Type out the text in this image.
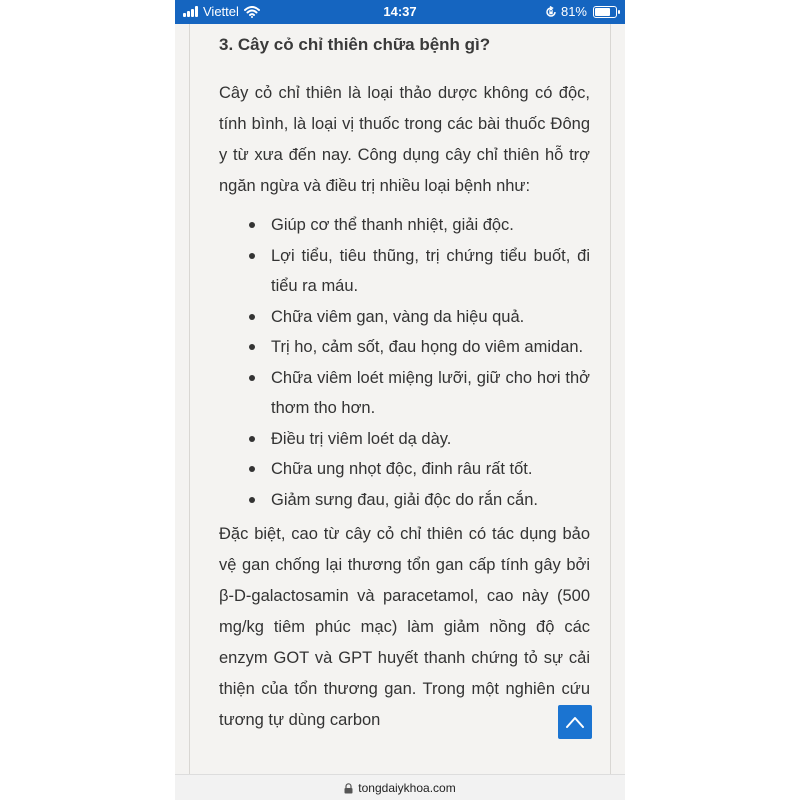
Viettel	14:37	81%
3. Cây cỏ chỉ thiên chữa bệnh gì?

Cây cỏ chỉ thiên là loại thảo dược không có độc, tính bình, là loại vị thuốc trong các bài thuốc Đông y từ xưa đến nay. Công dụng cây chỉ thiên hỗ trợ ngăn ngừa và điều trị nhiều loại bệnh như:

Giúp cơ thể thanh nhiệt, giải độc.
Lợi tiểu, tiêu thũng, trị chứng tiểu buốt, đi tiểu ra máu.
Chữa viêm gan, vàng da hiệu quả.
Trị ho, cảm sốt, đau họng do viêm amidan.
Chữa viêm loét miệng lưỡi, giữ cho hơi thở thơm tho hơn.
Điều trị viêm loét dạ dày.
Chữa ung nhọt độc, đinh râu rất tốt.
Giảm sưng đau, giải độc do rắn cắn.

Đặc biệt, cao từ cây cỏ chỉ thiên có tác dụng bảo vệ gan chống lại thương tổn gan cấp tính gây bởi β-D-galactosamin và paracetamol, cao này (500 mg/kg tiêm phúc mạc) làm giảm nồng độ các enzym GOT và GPT huyết thanh chứng tỏ sự cải thiện của tổn thương gan. Trong một nghiên cứu tương tự dùng carbon

tongdaiykhoa.com
